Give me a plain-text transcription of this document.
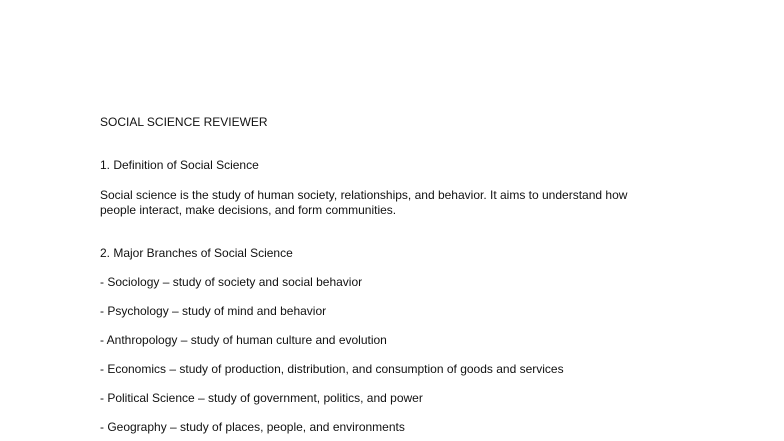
SOCIAL SCIENCE REVIEWER

1. Definition of Social Science

Social science is the study of human society, relationships, and behavior. It aims to understand how

people interact, make decisions, and form communities.

2. Major Branches of Social Science

- Sociology – study of society and social behavior

- Psychology – study of mind and behavior

- Anthropology – study of human culture and evolution

- Economics – study of production, distribution, and consumption of goods and services

- Political Science – study of government, politics, and power

- Geography – study of places, people, and environments
